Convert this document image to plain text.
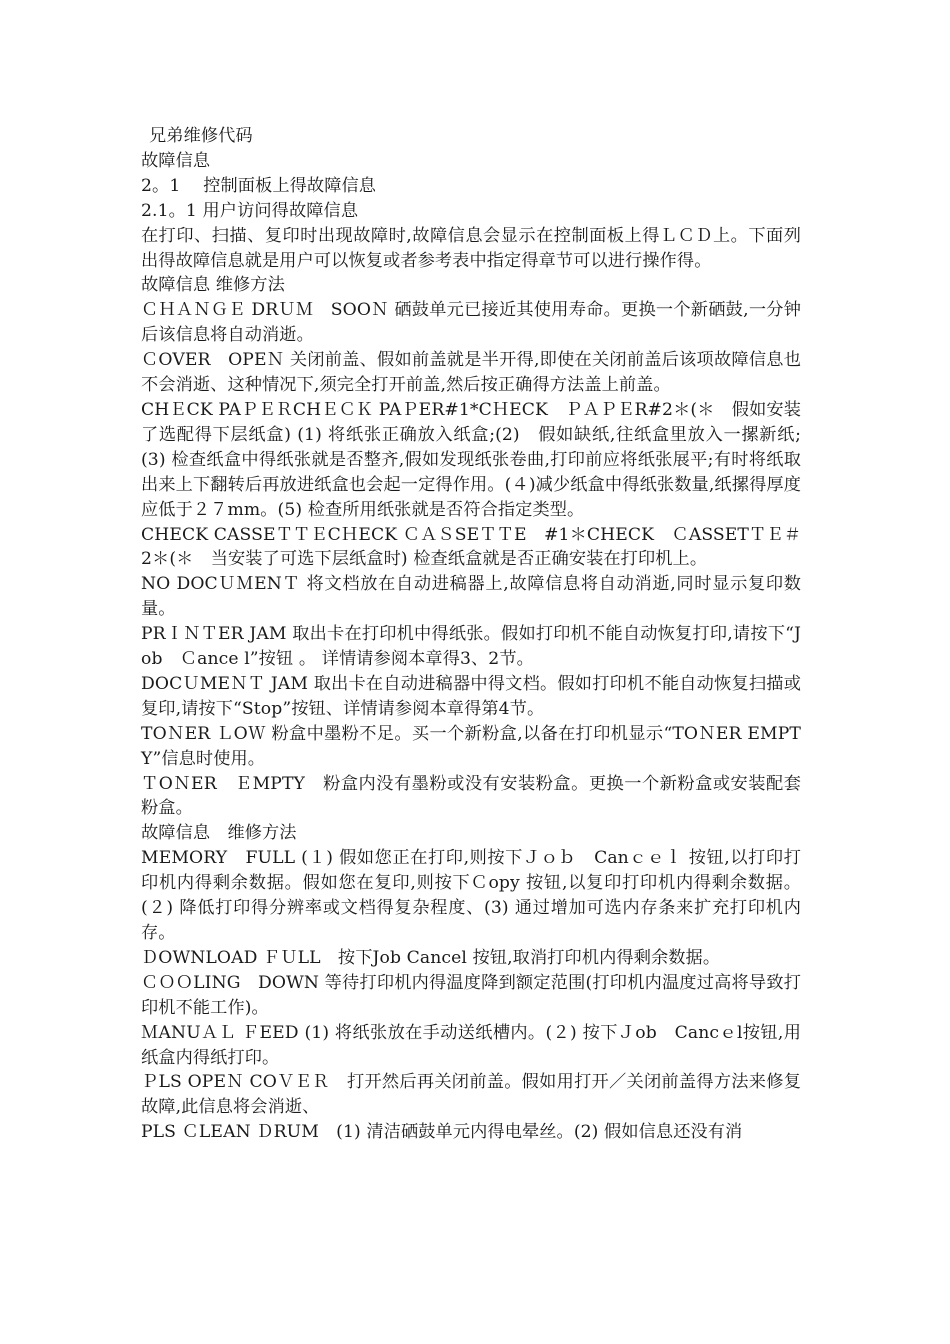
兄弟维修代码

故障信息

2。1　 控制面板上得故障信息

2.1。1 用户访问得故障信息

在打印、扫描、复印时出现故障时,故障信息会显示在控制面板上得ＬＣＤ上。下面列出得故障信息就是用户可以恢复或者参考表中指定得章节可以进行操作得。

故障信息 维修方法

ＣＨＡＮＧＥ DRＵＭ　SOOＮ 硒鼓单元已接近其使用寿命。更换一个新硒鼓,一分钟后该信息将自动消逝。

ＣOVER　OPEＮ 关闭前盖、假如前盖就是半开得,即使在关闭前盖后该项故障信息也不会消逝、这种情况下,须完全打开前盖,然后按正确得方法盖上前盖。

CHＥCK PAＰＥＲCHＥＣＫ PAＰER#1*CＨECK　ＰＡＰＥR#2＊(＊　假如安装了选配得下层纸盒) (1) 将纸张正确放入纸盒;(2)　假如缺纸,往纸盒里放入一摞新纸;(3) 检查纸盒中得纸张就是否整齐,假如发现纸张卷曲,打印前应将纸张展平;有时将纸取出来上下翻转后再放进纸盒也会起一定得作用。(４)减少纸盒中得纸张数量,纸摞得厚度应低于２７mm。(5) 检查所用纸张就是否符合指定类型。

CHECK CASSEＴＴＥCＨECK ＣＡＳSEＴＴE　#1＊CHECK　ＣASSETＴＥ＃2＊(＊　当安装了可选下层纸盒时) 检查纸盒就是否正确安装在打印机上。

NO DOCＵＭENＴ 将文档放在自动进稿器上,故障信息将自动消逝,同时显示复印数量。

PRＩＮＴER JAM 取出卡在打印机中得纸张。假如打印机不能自动恢复打印,请按下“Job　Ｃance l”按钮 。 详情请参阅本章得3、2节。

DOCＵMEＮＴ JAM 取出卡在自动进稿器中得文档。假如打印机不能自动恢复扫描或复印,请按下“Stop”按钮、详情请参阅本章得第4节。

TOＮER ＬOＷ 粉盒中墨粉不足。买一个新粉盒,以备在打印机显示“TOＮER EMPTY”信息时使用。

ＴOＮER　ＥMPTY　粉盒内没有墨粉或没有安装粉盒。更换一个新粉盒或安装配套粉盒。

故障信息　维修方法

MEMORY　FULL (１) 假如您正在打印,则按下Ｊｏｂ　Canｃｅｌ 按钮,以打印打印机内得剩余数据。假如您在复印,则按下Ｃopy 按钮,以复印打印机内得剩余数据。(２) 降低打印得分辨率或文档得复杂程度、(3) 通过增加可选内存条来扩充打印机内存。

ＤOWNLOAD ＦＵLL　按下Job Cancel 按钮,取消打印机内得剩余数据。

ＣＯＯLING　DOWN 等待打印机内得温度降到额定范围(打印机内温度过高将导致打印机不能工作)。

ＭANUＡＬ ＦEED (1) 将纸张放在手动送纸槽内。(２) 按下Ｊob　Cancｅl按钮,用纸盒内得纸打印。

ＰLS OPEＮ COＶＥＲ　打开然后再关闭前盖。假如用打开／关闭前盖得方法来修复故障,此信息将会消逝、

PLS ＣLEAN ＤRUM　(1) 清洁硒鼓单元内得电晕丝。(2) 假如信息还没有消
